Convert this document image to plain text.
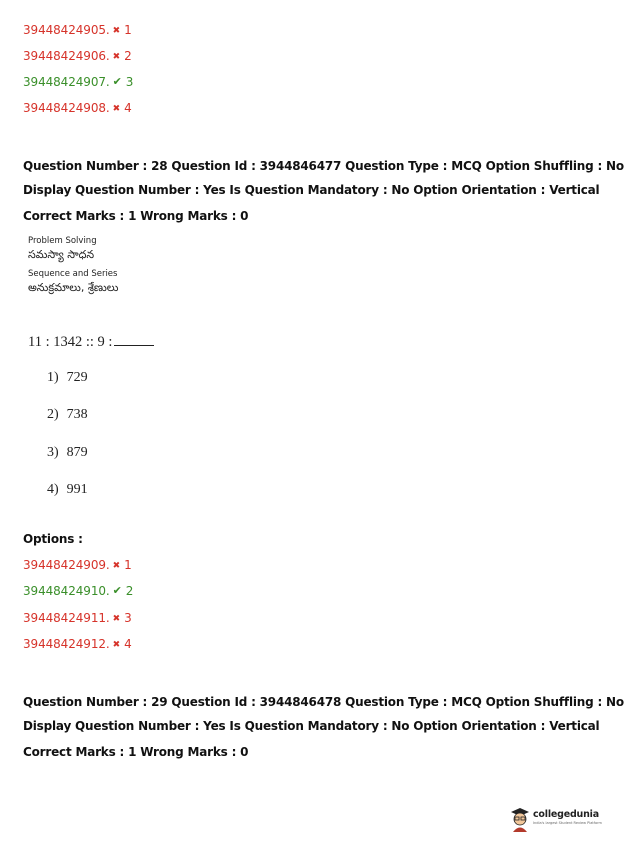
39448424905. ✖ 1
39448424906. ✖ 2
39448424907. ✔ 3
39448424908. ✖ 4
Question Number : 28 Question Id : 3944846477 Question Type : MCQ Option Shuffling : No
Display Question Number : Yes Is Question Mandatory : No Option Orientation : Vertical
Correct Marks : 1 Wrong Marks : 0
Problem Solving
సమస్యా సాధన
Sequence and Series
అనుక్రమాలు, శ్రేణులు
11 : 1342 :: 9 :
1) 729
2) 738
3) 879
4) 991
Options :
39448424909. ✖ 1
39448424910. ✔ 2
39448424911. ✖ 3
39448424912. ✖ 4
Question Number : 29 Question Id : 3944846478 Question Type : MCQ Option Shuffling : No
Display Question Number : Yes Is Question Mandatory : No Option Orientation : Vertical
Correct Marks : 1 Wrong Marks : 0
collegedunia
India's largest Student Review Platform
